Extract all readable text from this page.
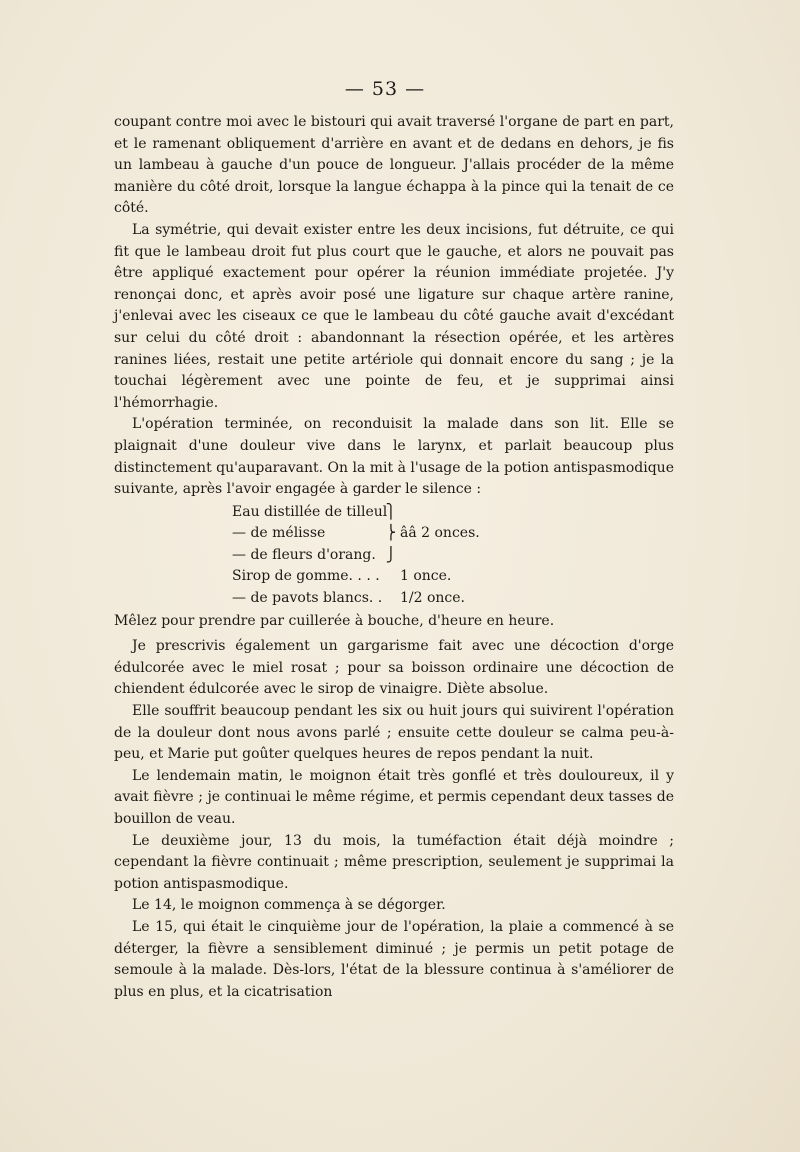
— 53 —

coupant contre moi avec le bistouri qui avait traversé l'organe de part en part, et le ramenant obliquement d'arrière en avant et de dedans en dehors, je fis un lambeau à gauche d'un pouce de longueur. J'allais procéder de la même manière du côté droit, lorsque la langue échappa à la pince qui la tenait de ce côté.

La symétrie, qui devait exister entre les deux incisions, fut détruite, ce qui fit que le lambeau droit fut plus court que le gauche, et alors ne pouvait pas être appliqué exactement pour opérer la réunion immédiate projetée. J'y renonçai donc, et après avoir posé une ligature sur chaque artère ranine, j'enlevai avec les ciseaux ce que le lambeau du côté gauche avait d'excédant sur celui du côté droit : abandonnant la résection opérée, et les artères ranines liées, restait une petite artériole qui donnait encore du sang ; je la touchai légèrement avec une pointe de feu, et je supprimai ainsi l'hémorrhagie.

L'opération terminée, on reconduisit la malade dans son lit. Elle se plaignait d'une douleur vive dans le larynx, et parlait beaucoup plus distinctement qu'auparavant. On la mit à l'usage de la potion antispasmodique suivante, après l'avoir engagée à garder le silence :

Eau distillée de tilleul
⎫
— de mélisse	⎬ ââ 2 onces.
— de fleurs d'orang. ⎭
Sirop de gomme. . . . 1 once.
— de pavots blancs. . 1/2 once.

Mêlez pour prendre par cuillerée à bouche, d'heure en heure.

Je prescrivis également un gargarisme fait avec une décoction d'orge édulcorée avec le miel rosat ; pour sa boisson ordinaire une décoction de chiendent édulcorée avec le sirop de vinaigre. Diète absolue.

Elle souffrit beaucoup pendant les six ou huit jours qui suivirent l'opération de la douleur dont nous avons parlé ; ensuite cette douleur se calma peu-à-peu, et Marie put goûter quelques heures de repos pendant la nuit.

Le lendemain matin, le moignon était très gonflé et très douloureux, il y avait fièvre ; je continuai le même régime, et permis cependant deux tasses de bouillon de veau.

Le deuxième jour, 13 du mois, la tuméfaction était déjà moindre ; cependant la fièvre continuait ; même prescription, seulement je supprimai la potion antispasmodique.

Le 14, le moignon commença à se dégorger.

Le 15, qui était le cinquième jour de l'opération, la plaie a commencé à se déterger, la fièvre a sensiblement diminué ; je permis un petit potage de semoule à la malade. Dès-lors, l'état de la blessure continua à s'améliorer de plus en plus, et la cicatrisation
